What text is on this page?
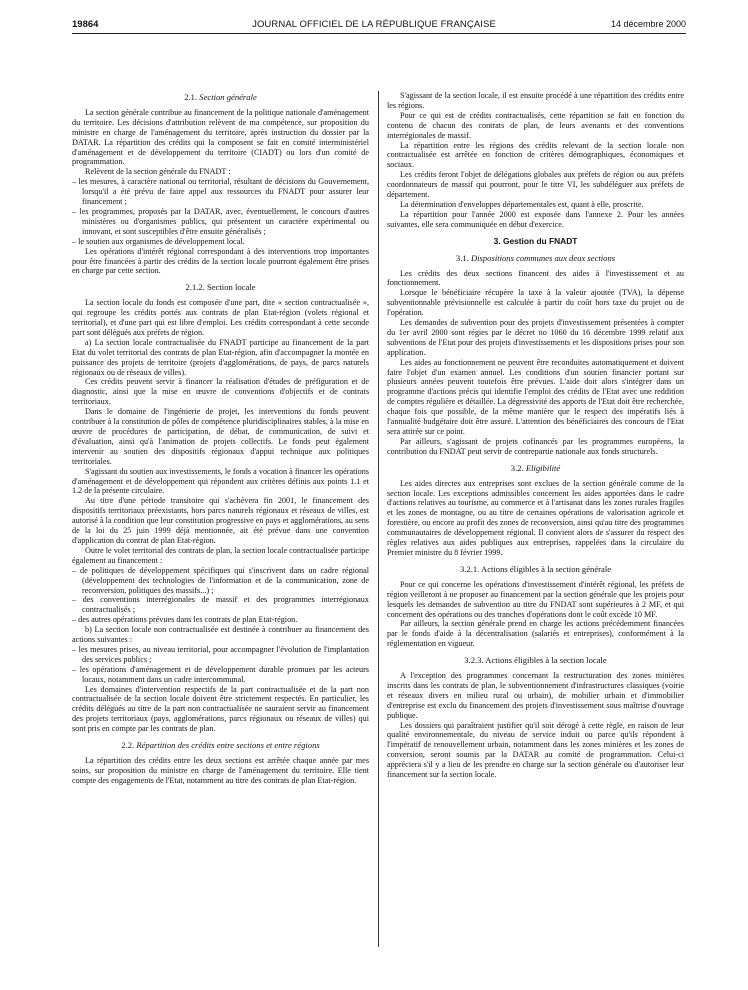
19864	JOURNAL OFFICIEL DE LA RÉPUBLIQUE FRANÇAISE	14 décembre 2000
2.1. Section générale

La section générale contribue au financement de la politique nationale d'aménagement du territoire. Les décisions d'attribution relèvent de ma compétence, sur proposition du ministre en charge de l'aménagement du territoire, après instruction du dossier par la DATAR. La répartition des crédits qui la composent se fait en comité interministériel d'aménagement et de développement du territoire (CIADT) ou lors d'un comité de programmation.

Relèvent de la section générale du FNADT :

– les mesures, à caractère national ou territorial, résultant de décisions du Gouvernement, lorsqu'il a été prévu de faire appel aux ressources du FNADT pour assurer leur financement ;
– les programmes, proposés par la DATAR, avec, éventuellement, le concours d'autres ministères ou d'organismes publics, qui présentent un caractère expérimental ou innovant, et sont susceptibles d'être ensuite généralisés ;
– le soutien aux organismes de développement local.

Les opérations d'intérêt régional correspondant à des interventions trop importantes pour être financées à partir des crédits de la section locale pourront également être prises en charge par cette section.

2.1.2. Section locale

La section locale du fonds est composée d'une part, dite « section contractualisée », qui regroupe les crédits portés aux contrats de plan Etat-région (volets régional et territorial), et d'une part qui est libre d'emploi. Les crédits correspondant à cette seconde part sont délégués aux préfets de région.

a) La section locale contractualisée du FNADT participe au financement de la part Etat du volet territorial des contrats de plan Etat-région, afin d'accompagner la montée en puissance des projets de territoire (projets d'agglomérations, de pays, de parcs naturels régionaux ou de réseaux de villes).

Ces crédits peuvent servir à financer la réalisation d'études de préfiguration et de diagnostic, ainsi que la mise en œuvre de conventions d'objectifs et de contrats territoriaux.

Dans le domaine de l'ingénierie de projet, les interventions du fonds peuvent contribuer à la constitution de pôles de compétence pluridisciplinaires stables, à la mise en œuvre de procédures de participation, de débat, de communication, de suivi et d'évaluation, ainsi qu'à l'animation de projets collectifs. Le fonds peut également intervenir au soutien des dispositifs régionaux d'appui technique aux politiques territoriales.

S'agissant du soutien aux investissements, le fonds a vocation à financer les opérations d'aménagement et de développement qui répondent aux critères définis aux points 1.1 et 1.2 de la présente circulaire.

Au titre d'une période transitoire qui s'achèvera fin 2001, le financement des dispositifs territoriaux préexistants, hors parcs naturels régionaux et réseaux de villes, est autorisé à la condition que leur constitution progressive en pays et agglomérations, au sens de la loi du 25 juin 1999 déjà mentionnée, ait été prévue dans une convention d'application du contrat de plan Etat-région.

Outre le volet territorial des contrats de plan, la section locale contractualisée participe également au financement :

– de politiques de développement spécifiques qui s'inscrivent dans un cadre régional (développement des technologies de l'information et de la communication, zone de reconversion, politiques des massifs...) ;
– des conventions interrégionales de massif et des programmes interrégionaux contractualisés ;
– des autres opérations prévues dans les contrats de plan Etat-région.

b) La section locale non contractualisée est destinée à contribuer au financement des actions suivantes :

– les mesures prises, au niveau territorial, pour accompagner l'évolution de l'implantation des services publics ;
– les opérations d'aménagement et de développement durable promues par les acteurs locaux, notamment dans un cadre intercommunal.

Les domaines d'intervention respectifs de la part contractualisée et de la part non contractualisée de la section locale doivent être strictement respectés. En particulier, les crédits délégués au titre de la part non contractualisée ne sauraient servir au financement des projets territoriaux (pays, agglomérations, parcs régionaux ou réseaux de villes) qui sont pris en compte par les contrats de plan.

2.2. Répartition des crédits entre sections et entre régions

La répartition des crédits entre les deux sections est arrêtée chaque année par mes soins, sur proposition du ministre en charge de l'aménagement du territoire. Elle tient compte des engagements de l'Etat, notamment au titre des contrats de plan Etat-région.

S'agissant de la section locale, il est ensuite procédé à une répartition des crédits entre les régions.

Pour ce qui est de crédits contractualisés, cette répartition se fait en fonction du contenu de chacun des contrats de plan, de leurs avenants et des conventions interrégionales de massif.

La répartition entre les régions des crédits relevant de la section locale non contractualisée est arrêtée en fonction de critères démographiques, économiques et sociaux.

Les crédits feront l'objet de délégations globales aux préfets de région ou aux préfets coordonnateurs de massif qui pourront, pour le titre VI, les subdéléguer aux préfets de département.

La détermination d'enveloppes départementales est, quant à elle, proscrite.

La répartition pour l'année 2000 est exposée dans l'annexe 2. Pour les années suivantes, elle sera communiquée en début d'exercice.

3. Gestion du FNADT
3.1. Dispositions communes aux deux sections

Les crédits des deux sections financent des aides à l'investissement et au fonctionnement.

Lorsque le bénéficiaire récupère la taxe à la valeur ajoutée (TVA), la dépense subventionnable prévisionnelle est calculée à partir du coût hors taxe du projet ou de l'opération.

Les demandes de subvention pour des projets d'investissement présentées à compter du 1er avril 2000 sont régies par le décret no 1060 du 16 décembre 1999 relatif aux subventions de l'Etat pour des projets d'investissements et les dispositions prises pour son application.

Les aides au fonctionnement ne peuvent être reconduites automatiquement et doivent faire l'objet d'un examen annuel. Les conditions d'un soutien financier portant sur plusieurs années peuvent toutefois être prévues. L'aide doit alors s'intégrer dans un programme d'actions précis qui identifie l'emploi des crédits de l'Etat avec une reddition de comptes régulière et détaillée. La dégressivité des apports de l'Etat doit être recherchée, chaque fois que possible, de la même manière que le respect des impératifs liés à l'annualité budgétaire doit être assuré. L'attention des bénéficiaires des concours de l'Etat sera attirée sur ce point.

Par ailleurs, s'agissant de projets cofinancés par les programmes européens, la contribution du FNDAT peut servir de contrepartie nationale aux fonds structurels.

3.2. Eligibilité

Les aides directes aux entreprises sont exclues de la section générale comme de la section locale. Les exceptions admissibles concernent les aides apportées dans le cadre d'actions relatives au tourisme, au commerce et à l'artisanat dans les zones rurales fragiles et les zones de montagne, ou au titre de certaines opérations de valorisation agricole et forestière, ou encore au profit des zones de reconversion, ainsi qu'au titre des programmes communautaires de développement régional. Il convient alors de s'assurer du respect des règles relatives aux aides publiques aux entreprises, rappelées dans la circulaire du Premier ministre du 8 février 1999.

3.2.1. Actions éligibles à la section générale

Pour ce qui concerne les opérations d'investissement d'intérêt régional, les préfets de région veilleront à ne proposer au financement par la section générale que les projets pour lesquels les demandes de subvention au titre du FNDAT sont supérieures à 2 MF, et qui concernent des opérations ou des tranches d'opérations dont le coût excède 10 MF.

Par ailleurs, la section générale prend en charge les actions précédemment financées par le fonds d'aide à la décentralisation (salariés et entreprises), conformément à la réglementation en vigueur.

3.2.3. Actions éligibles à la section locale

A l'exception des programmes concernant la restructuration des zones minières inscrits dans les contrats de plan, le subventionnement d'infrastructures classiques (voirie et réseaux divers en milieu rural ou urbain), de mobilier urbain et d'immobilier d'entreprise est exclu du financement des projets d'investissement sous maîtrise d'ouvrage publique.

Les dossiers qui paraîtraient justifier qu'il soit dérogé à cette règle, en raison de leur qualité environnementale, du niveau de service induit ou parce qu'ils répondent à l'impératif de renouvellement urbain, notamment dans les zones minières et les zones de conversion, seront soumis par la DATAR au comité de programmation. Celui-ci appréciera s'il y a lieu de les prendre en charge sur la section générale ou d'autoriser leur financement sur la section locale.
